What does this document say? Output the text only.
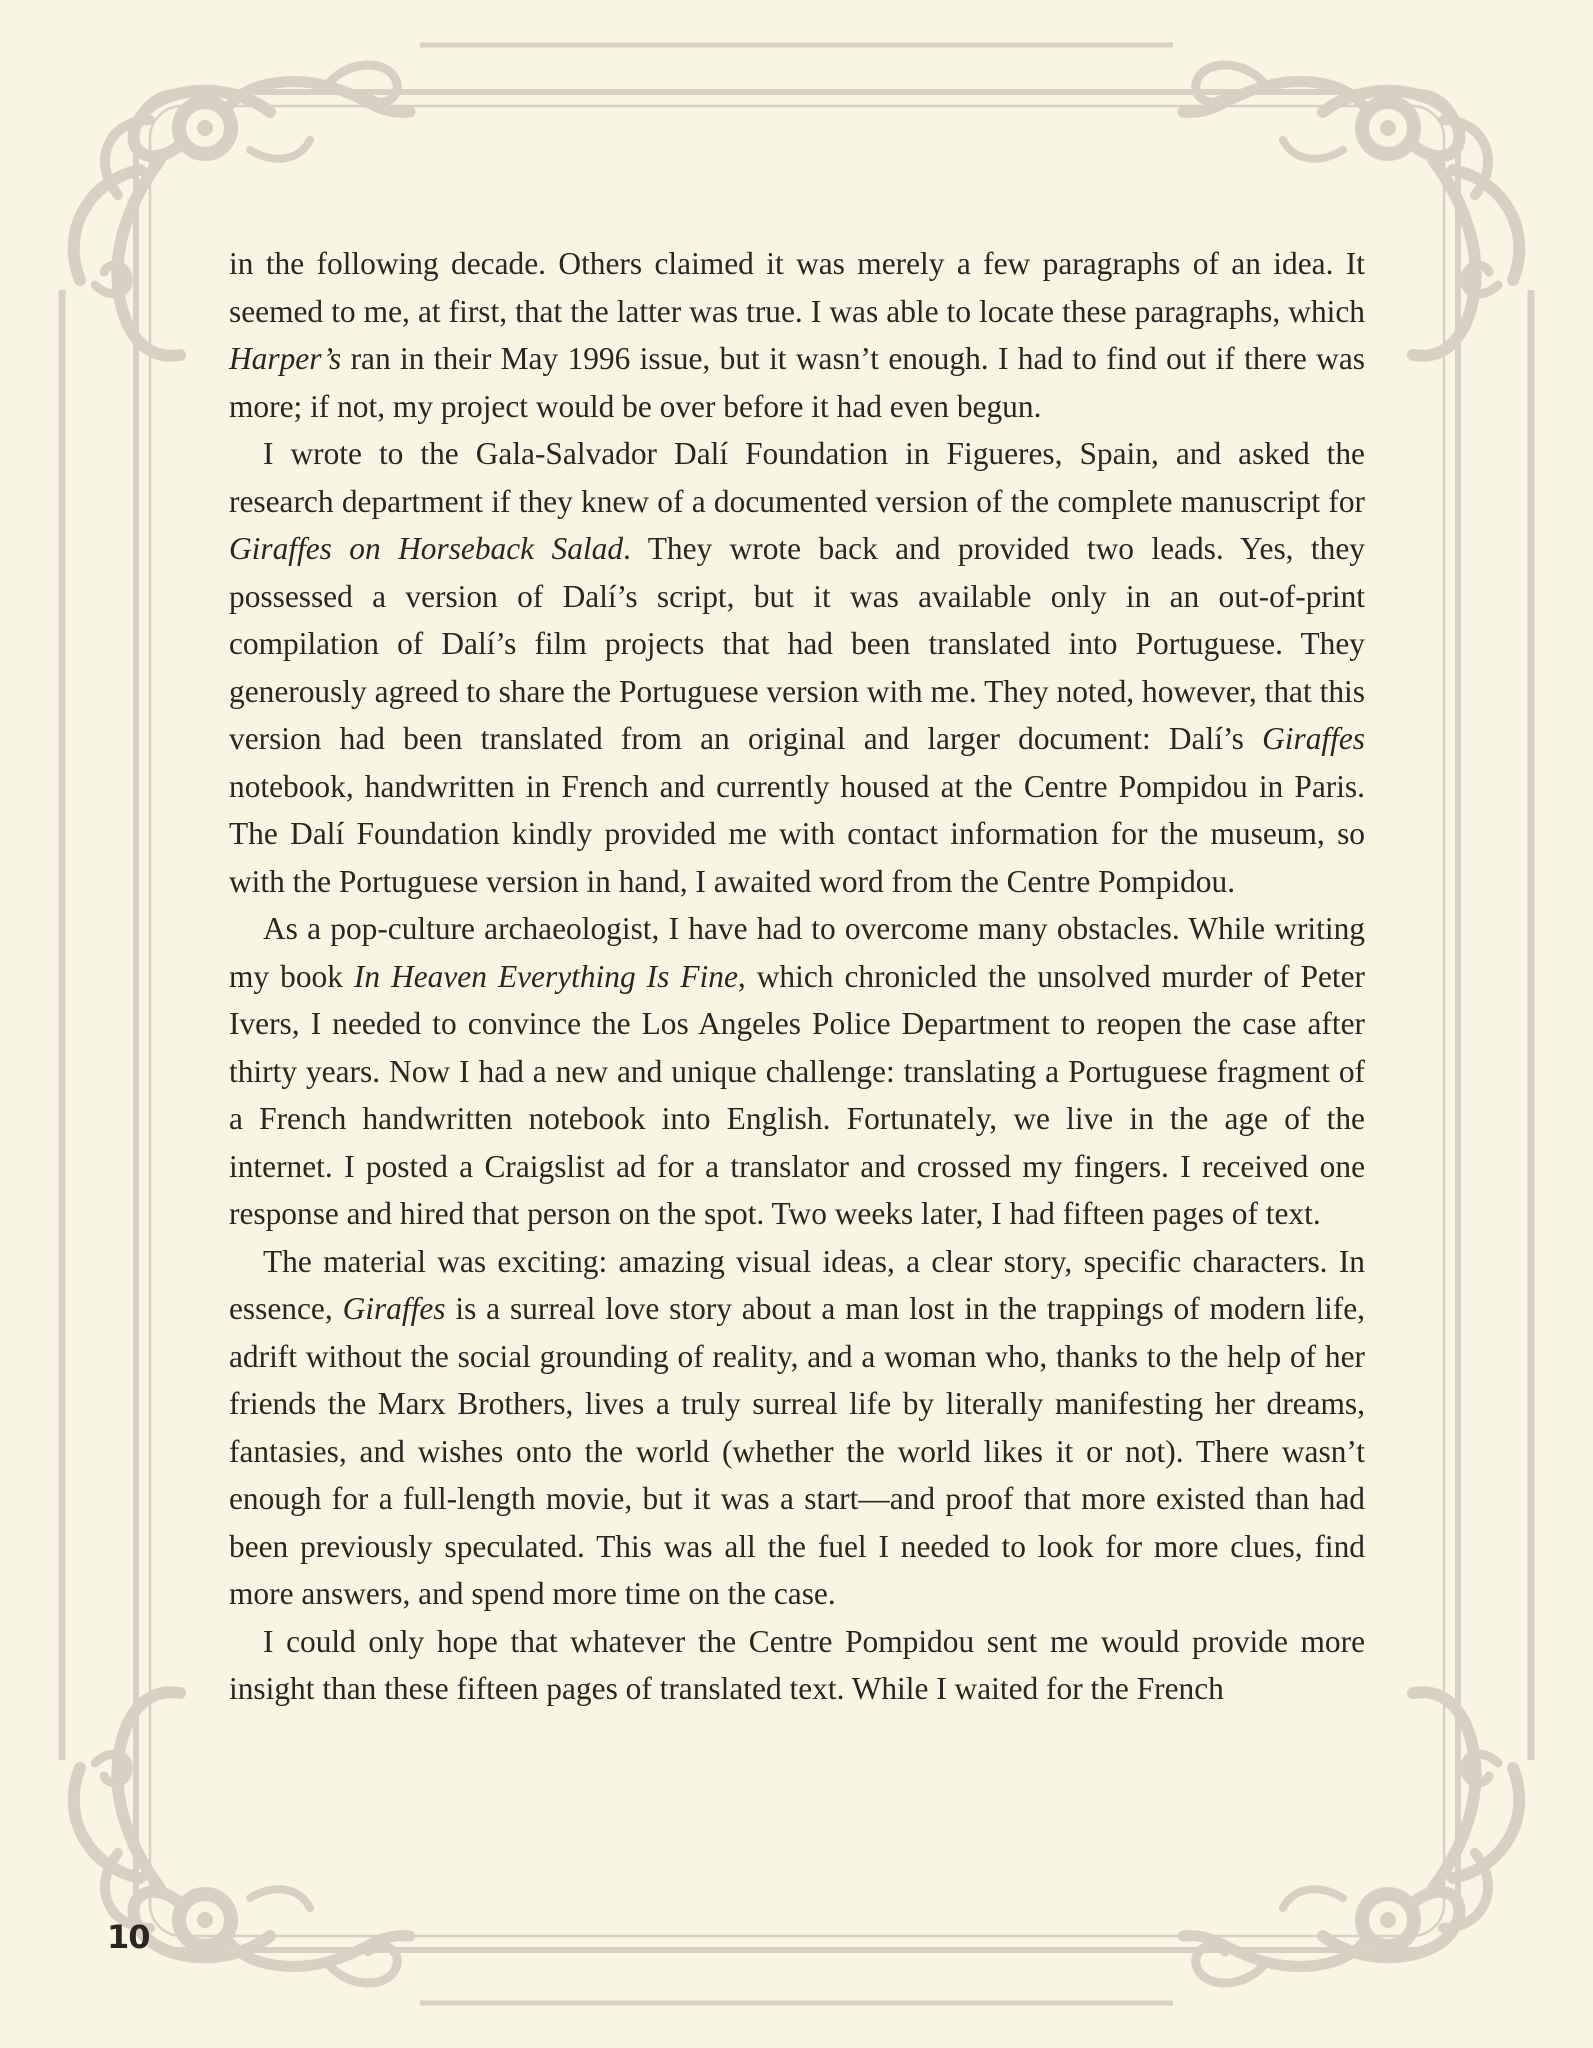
in the following decade. Others claimed it was merely a few paragraphs of an idea. It seemed to me, at first, that the latter was true. I was able to locate these paragraphs, which Harper’s ran in their May 1996 issue, but it wasn’t enough. I had to find out if there was more; if not, my project would be over before it had even begun.

I wrote to the Gala-Salvador Dalí Foundation in Figueres, Spain, and asked the research department if they knew of a documented version of the complete manuscript for Giraffes on Horseback Salad. They wrote back and provided two leads. Yes, they possessed a version of Dalí’s script, but it was available only in an out-of-print compilation of Dalí’s film projects that had been translated into Portuguese. They generously agreed to share the Portuguese version with me. They noted, however, that this version had been translated from an original and larger document: Dalí’s Giraffes notebook, handwritten in French and currently housed at the Centre Pompidou in Paris. The Dalí Foundation kindly provided me with contact information for the museum, so with the Portuguese version in hand, I awaited word from the Centre Pompidou.

As a pop-culture archaeologist, I have had to overcome many obstacles. While writing my book In Heaven Everything Is Fine, which chronicled the unsolved murder of Peter Ivers, I needed to convince the Los Angeles Police Department to reopen the case after thirty years. Now I had a new and unique challenge: translating a Portuguese fragment of a French handwritten notebook into English. Fortunately, we live in the age of the internet. I posted a Craigslist ad for a translator and crossed my fingers. I received one response and hired that person on the spot. Two weeks later, I had fifteen pages of text.

The material was exciting: amazing visual ideas, a clear story, specific characters. In essence, Giraffes is a surreal love story about a man lost in the trappings of modern life, adrift without the social grounding of reality, and a woman who, thanks to the help of her friends the Marx Brothers, lives a truly surreal life by literally manifesting her dreams, fantasies, and wishes onto the world (whether the world likes it or not). There wasn’t enough for a full-length movie, but it was a start—and proof that more existed than had been previously speculated. This was all the fuel I needed to look for more clues, find more answers, and spend more time on the case.

I could only hope that whatever the Centre Pompidou sent me would provide more insight than these fifteen pages of translated text. While I waited for the French

10
